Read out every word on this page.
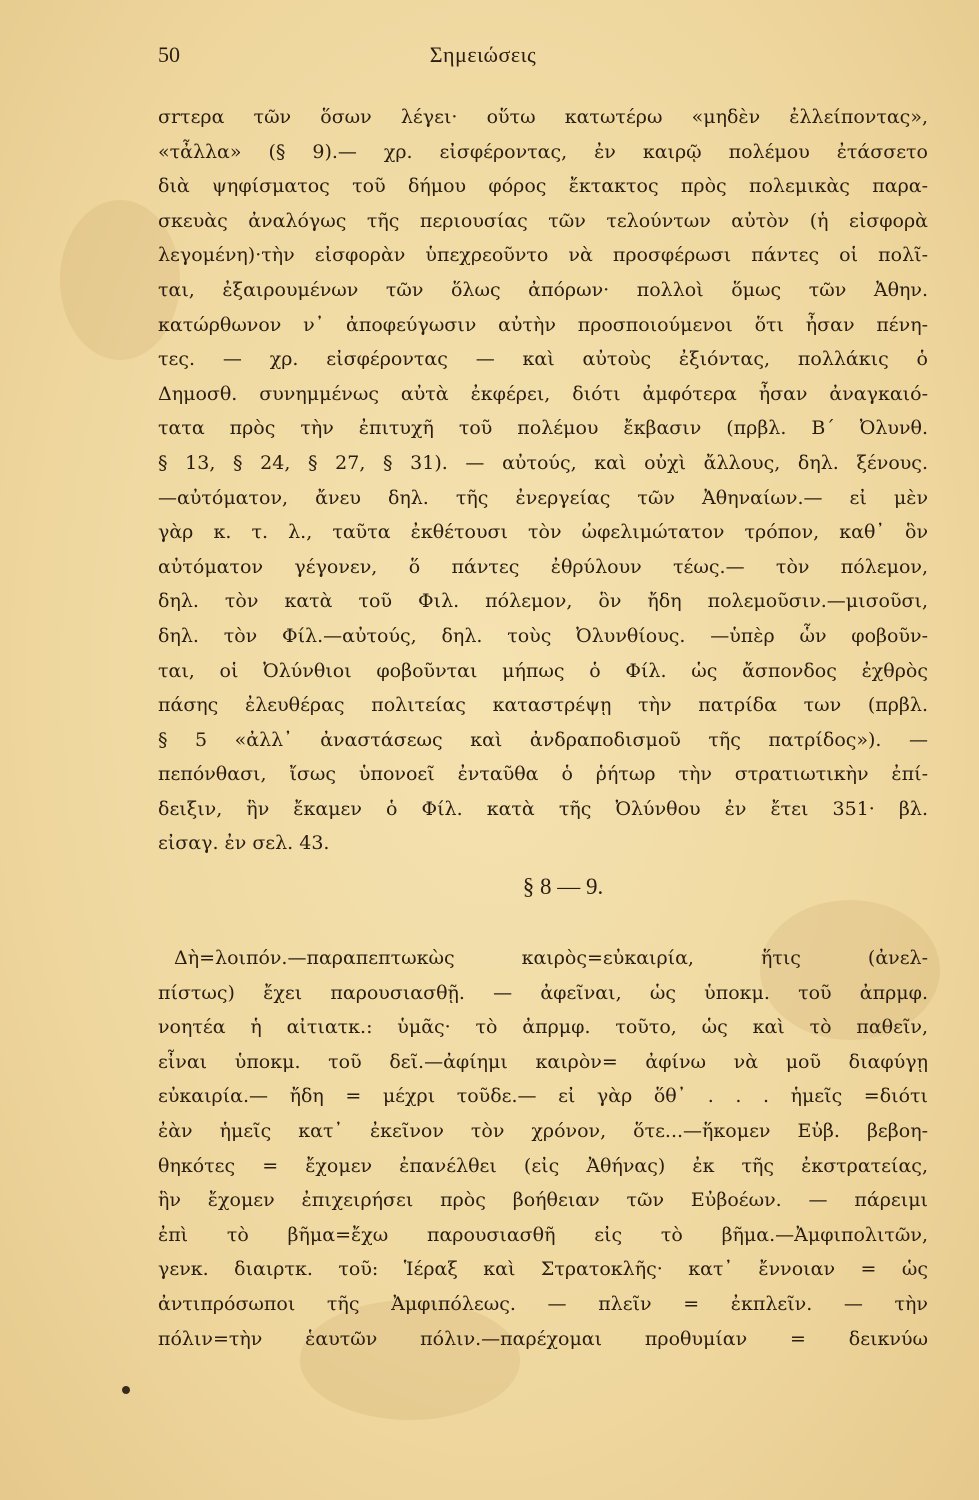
50	Σημειώσεις
σrτερα τῶν ὅσων λέγει· οὕτω κατωτέρω «μηδὲν ἐλλείποντας»,
«τἆλλα» (§ 9).— χρ. εἰσφέροντας, ἐν καιρῷ πολέμου ἐτάσσετο
διὰ ψηφίσματος τοῦ δήμου φόρος ἔκτακτος πρὸς πολεμικὰς παρα-
σκευὰς ἀναλόγως τῆς περιουσίας τῶν τελούντων αὐτὸν (ἡ εἰσφορὰ
λεγομένη)·τὴν εἰσφορὰν ὑπεχρεοῦντο νὰ προσφέρωσι πάντες οἱ πολῖ-
ται, ἐξαιρουμένων τῶν ὅλως ἀπόρων· πολλοὶ ὅμως τῶν Ἀθην.
κατώρθωνον ν᾽ ἀποφεύγωσιν αὐτὴν προσποιούμενοι ὅτι ἦσαν πένη-
τες. — χρ. εἰσφέροντας — καὶ αὐτοὺς ἐξιόντας, πολλάκις ὁ
Δημοσθ. συνημμένως αὐτὰ ἐκφέρει, διότι ἀμφότερα ἦσαν ἀναγκαιό-
τατα πρὸς τὴν ἐπιτυχῆ τοῦ πολέμου ἔκβασιν (πρβλ. Β΄ Ὀλυνθ.
§ 13, § 24, § 27, § 31). — αὐτούς, καὶ οὐχὶ ἄλλους, δηλ. ξένους.
—αὐτόματον, ἄνευ δηλ. τῆς ἐνεργείας τῶν Ἀθηναίων.— εἰ μὲν
γὰρ κ. τ. λ., ταῦτα ἐκθέτουσι τὸν ὠφελιμώτατον τρόπον, καθ᾽ ὃν
αὐτόματον γέγονεν, ὅ πάντες ἐθρύλουν τέως.— τὸν πόλεμον,
δηλ. τὸν κατὰ τοῦ Φιλ. πόλεμον, ὃν ἤδη πολεμοῦσιν.—μισοῦσι,
δηλ. τὸν Φίλ.—αὐτούς, δηλ. τοὺς Ὀλυνθίους. —ὑπὲρ ὧν φοβοῦν-
ται, οἱ Ὀλύνθιοι φοβοῦνται μήπως ὁ Φίλ. ὡς ἄσπονδος ἐχθρὸς
πάσης ἐλευθέρας πολιτείας καταστρέψῃ τὴν πατρίδα των (πρβλ.
§ 5 «ἀλλ᾽ ἀναστάσεως καὶ ἀνδραποδισμοῦ τῆς πατρίδος»). —
πεπόνθασι, ἴσως ὑπονοεῖ ἐνταῦθα ὁ ῥήτωρ τὴν στρατιωτικὴν ἐπί-
δειξιν, ἣν ἔκαμεν ὁ Φίλ. κατὰ τῆς Ὀλύνθου ἐν ἔτει 351· βλ.
εἰσαγ. ἐν σελ. 43.
§ 8 — 9.
Δὴ=λοιπόν.—παραπεπτωκὼς καιρὸς=εὐκαιρία, ἥτις (ἀνελ-
πίστως) ἔχει παρουσιασθῇ. — ἀφεῖναι, ὡς ὑποκμ. τοῦ ἀπρμφ.
νοητέα ἡ αἰτιατκ.: ὑμᾶς· τὸ ἀπρμφ. τοῦτο, ὡς καὶ τὸ παθεῖν,
εἶναι ὑποκμ. τοῦ δεῖ.—ἀφίημι καιρὸν= ἀφίνω νὰ μοῦ διαφύγῃ
εὐκαιρία.— ἤδη = μέχρι τοῦδε.— εἰ γὰρ ὅθ᾽ . . . ἡμεῖς =διότι
ἐὰν ἡμεῖς κατ᾽ ἐκεῖνον τὸν χρόνον, ὅτε...—ἥκομεν Εὐβ. βεβοη-
θηκότες = ἔχομεν ἐπανέλθει (εἰς Ἀθήνας) ἐκ τῆς ἐκστρατείας,
ἣν ἔχομεν ἐπιχειρήσει πρὸς βοήθειαν τῶν Εὐβοέων. — πάρειμι
ἐπὶ τὸ βῆμα=ἔχω παρουσιασθῆ εἰς τὸ βῆμα.—Ἀμφιπολιτῶν,
γενκ. διαιρτκ. τοῦ: Ἱέραξ καὶ Στρατοκλῆς· κατ᾽ ἔννοιαν = ὡς
ἀντιπρόσωποι τῆς Ἀμφιπόλεως. — πλεῖν = ἐκπλεῖν. — τὴν
πόλιν=τὴν ἑαυτῶν πόλιν.—παρέχομαι προθυμίαν = δεικνύω
